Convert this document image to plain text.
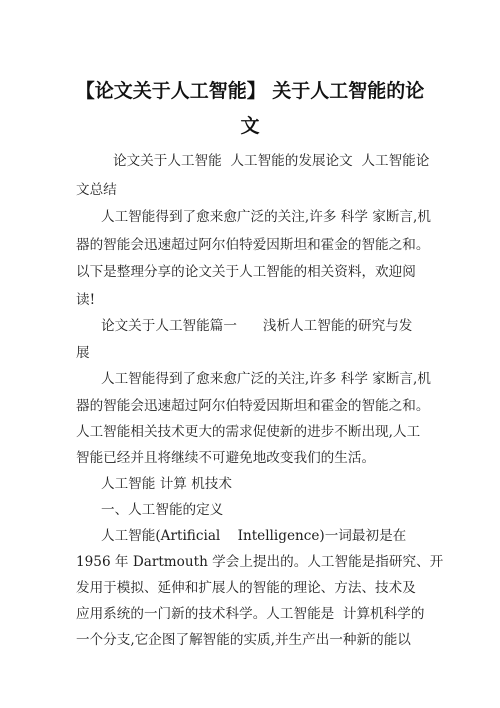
【论文关于人工智能】 关于人工智能的论
文
论文关于人工智能  人工智能的发展论文  人工智能论
文总结
人工智能得到了愈来愈广泛的关注,许多 科学 家断言,机
器的智能会迅速超过阿尔伯特爱因斯坦和霍金的智能之和。
以下是整理分享的论文关于人工智能的相关资料，欢迎阅
读!
论文关于人工智能篇一      浅析人工智能的研究与发
展
人工智能得到了愈来愈广泛的关注,许多 科学 家断言,机
器的智能会迅速超过阿尔伯特爱因斯坦和霍金的智能之和。
人工智能相关技术更大的需求促使新的进步不断出现,人工
智能已经并且将继续不可避免地改变我们的生活。
人工智能 计算 机技术
一、人工智能的定义
人工智能(Artificial    Intelligence)一词最初是在
1956 年 Dartmouth 学会上提出的。人工智能是指研究、开
发用于模拟、延伸和扩展人的智能的理论、方法、技术及
应用系统的一门新的技术科学。人工智能是  计算机科学的
一个分支,它企图了解智能的实质,并生产出一种新的能以
